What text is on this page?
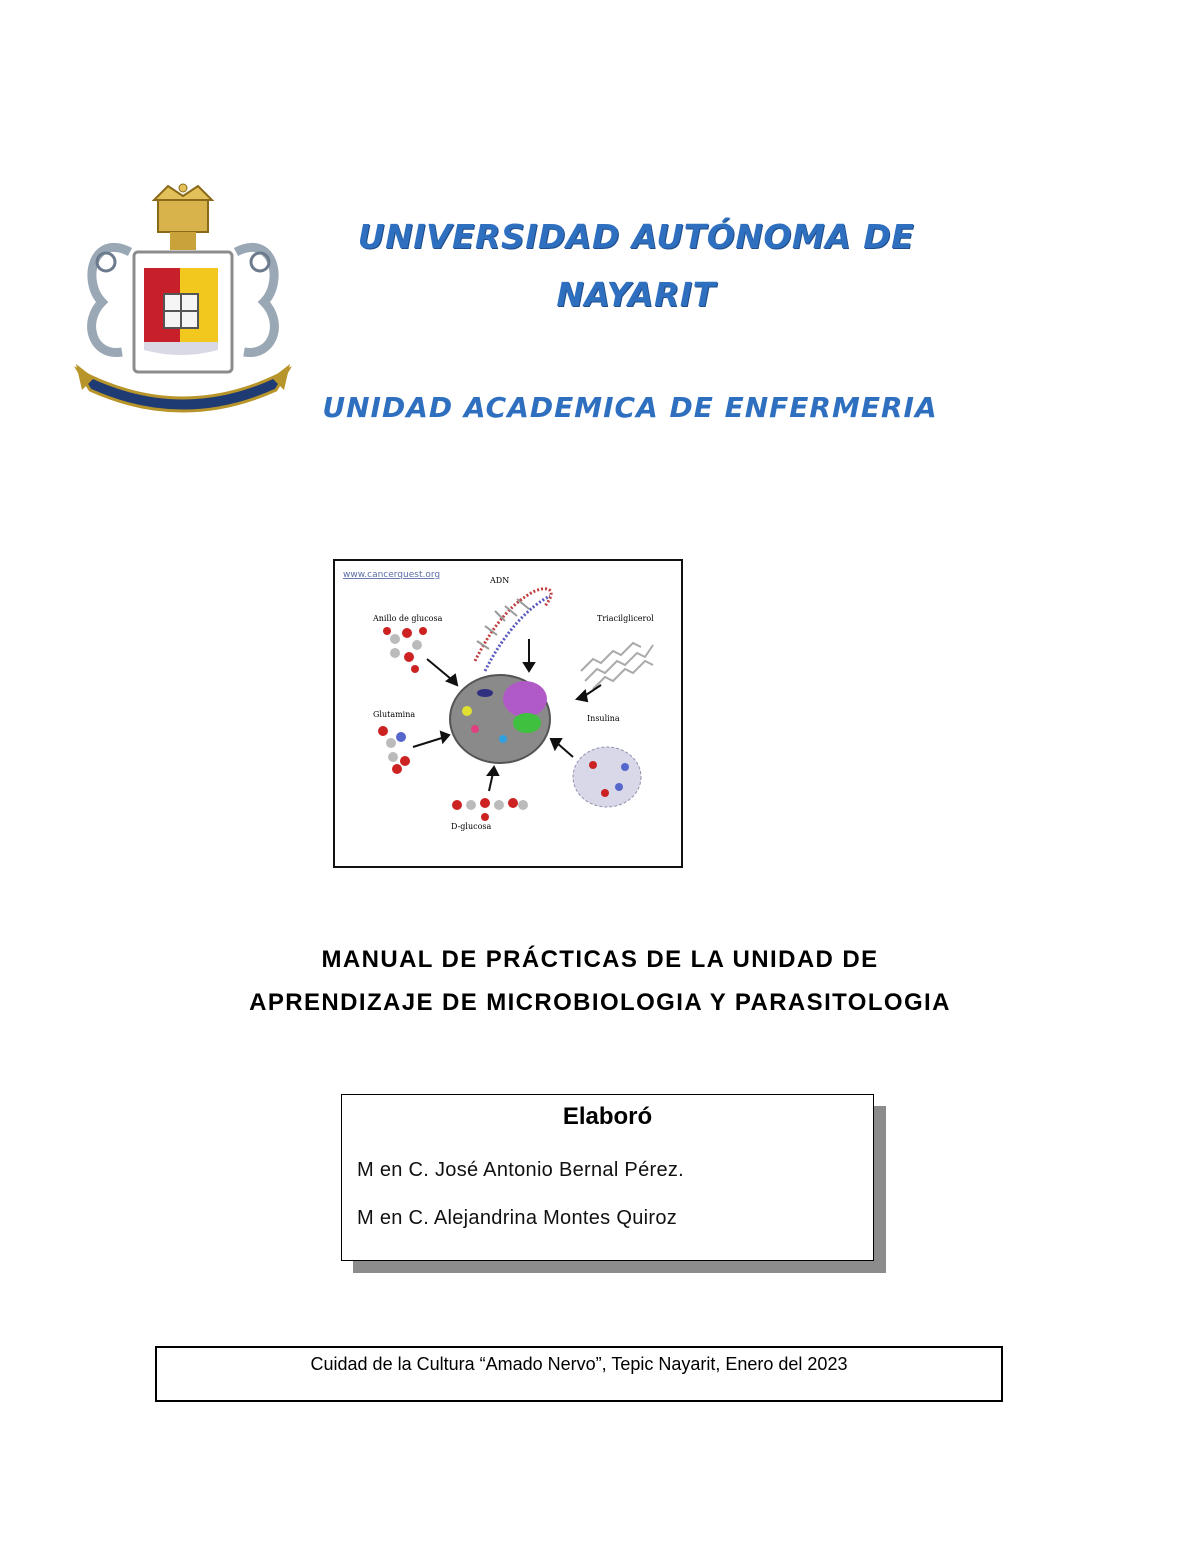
UNIVERSIDAD AUTÓNOMA DE
NAYARIT
UNIDAD ACADEMICA DE ENFERMERIA
www.cancerquest.org
ADN
Anillo de glucosa	Triacilglicerol
Glutamina	Insulina
D-glucosa
MANUAL DE PRÁCTICAS DE LA UNIDAD DE
APRENDIZAJE DE MICROBIOLOGIA Y PARASITOLOGIA
Elaboró
M en C. José Antonio Bernal Pérez.
M en C. Alejandrina Montes Quiroz
Cuidad de la Cultura “Amado Nervo”, Tepic Nayarit, Enero del 2023
